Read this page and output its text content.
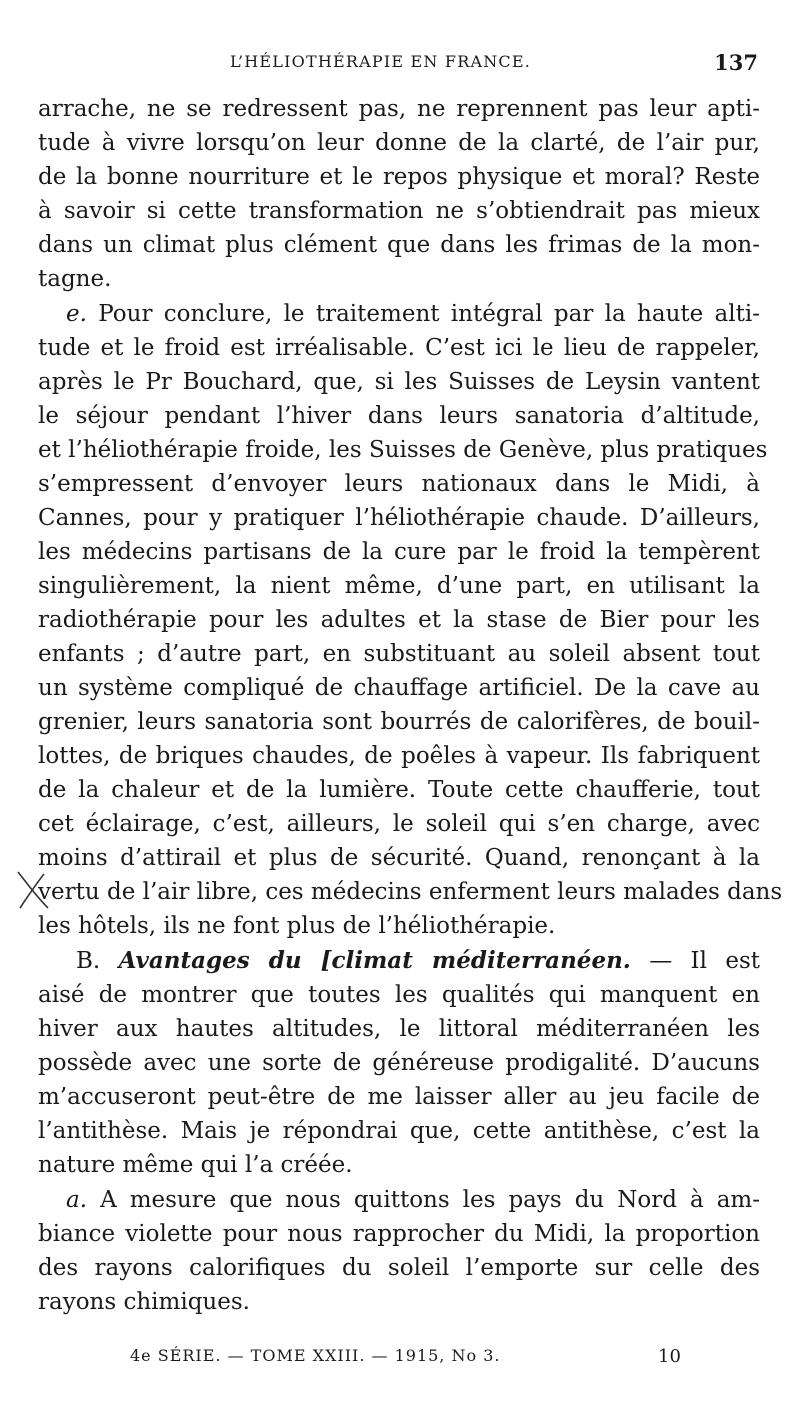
L’HÉLIOTHÉRAPIE EN FRANCE.	137
arrache, ne se redressent pas, ne reprennent pas leur apti-
tude à vivre lorsqu’on leur donne de la clarté, de l’air pur,
de la bonne nourriture et le repos physique et moral? Reste
à savoir si cette transformation ne s’obtiendrait pas mieux
dans un climat plus clément que dans les frimas de la mon-
tagne.
e. Pour conclure, le traitement intégral par la haute alti-
tude et le froid est irréalisable. C’est ici le lieu de rappeler,
après le Pr Bouchard, que, si les Suisses de Leysin vantent
le séjour pendant l’hiver dans leurs sanatoria d’altitude,
et l’héliothérapie froide, les Suisses de Genève, plus pratiques
s’empressent d’envoyer leurs nationaux dans le Midi, à
Cannes, pour y pratiquer l’héliothérapie chaude. D’ailleurs,
les médecins partisans de la cure par le froid la tempèrent
singulièrement, la nient même, d’une part, en utilisant la
radiothérapie pour les adultes et la stase de Bier pour les
enfants ; d’autre part, en substituant au soleil absent tout
un système compliqué de chauffage artificiel. De la cave au
grenier, leurs sanatoria sont bourrés de calorifères, de bouil-
lottes, de briques chaudes, de poêles à vapeur. Ils fabriquent
de la chaleur et de la lumière. Toute cette chaufferie, tout
cet éclairage, c’est, ailleurs, le soleil qui s’en charge, avec
moins d’attirail et plus de sécurité. Quand, renonçant à la
vertu de l’air libre, ces médecins enferment leurs malades dans
les hôtels, ils ne font plus de l’héliothérapie.
B. Avantages du [climat méditerranéen. — Il est
aisé de montrer que toutes les qualités qui manquent en
hiver aux hautes altitudes, le littoral méditerranéen les
possède avec une sorte de généreuse prodigalité. D’aucuns
m’accuseront peut-être de me laisser aller au jeu facile de
l’antithèse. Mais je répondrai que, cette antithèse, c’est la
nature même qui l’a créée.
a. A mesure que nous quittons les pays du Nord à am-
biance violette pour nous rapprocher du Midi, la proportion
des rayons calorifiques du soleil l’emporte sur celle des
rayons chimiques.
4e SÉRIE. — TOME XXIII. — 1915, No 3.	10
